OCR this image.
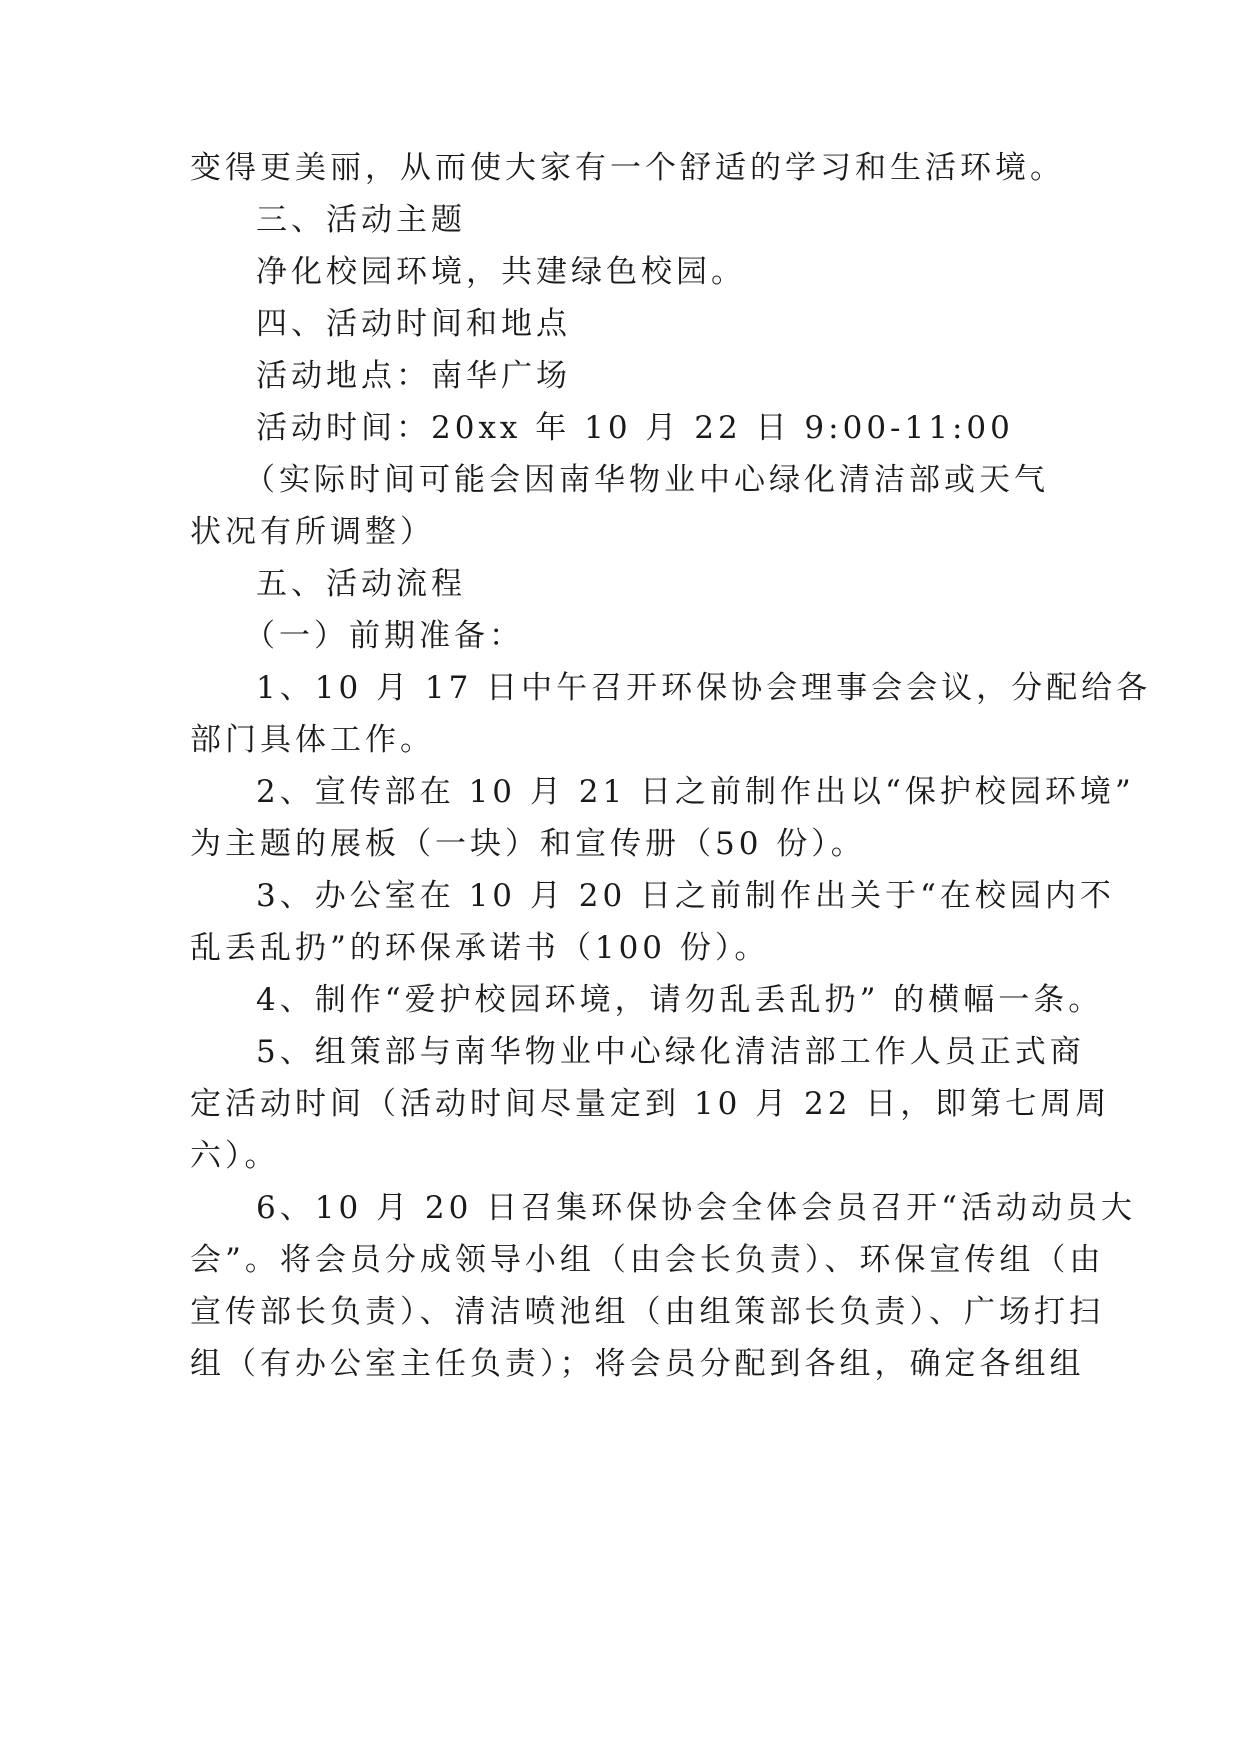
变得更美丽，从而使大家有一个舒适的学习和生活环境。
三、活动主题
净化校园环境，共建绿色校园。
四、活动时间和地点
活动地点：南华广场
活动时间：20xx 年 10 月 22 日 9:00-11:00
（实际时间可能会因南华物业中心绿化清洁部或天气
状况有所调整）
五、活动流程
（一）前期准备：
1、10 月 17 日中午召开环保协会理事会会议，分配给各
部门具体工作。
2、宣传部在 10 月 21 日之前制作出以“保护校园环境”
为主题的展板（一块）和宣传册（50 份）。
3、办公室在 10 月 20 日之前制作出关于“在校园内不
乱丢乱扔”的环保承诺书（100 份）。
4、制作“爱护校园环境，请勿乱丢乱扔” 的横幅一条。
5、组策部与南华物业中心绿化清洁部工作人员正式商
定活动时间（活动时间尽量定到 10 月 22 日，即第七周周
六）。
6、10 月 20 日召集环保协会全体会员召开“活动动员大
会”。将会员分成领导小组（由会长负责）、环保宣传组（由
宣传部长负责）、清洁喷池组（由组策部长负责）、广场打扫
组（有办公室主任负责）；将会员分配到各组，确定各组组
